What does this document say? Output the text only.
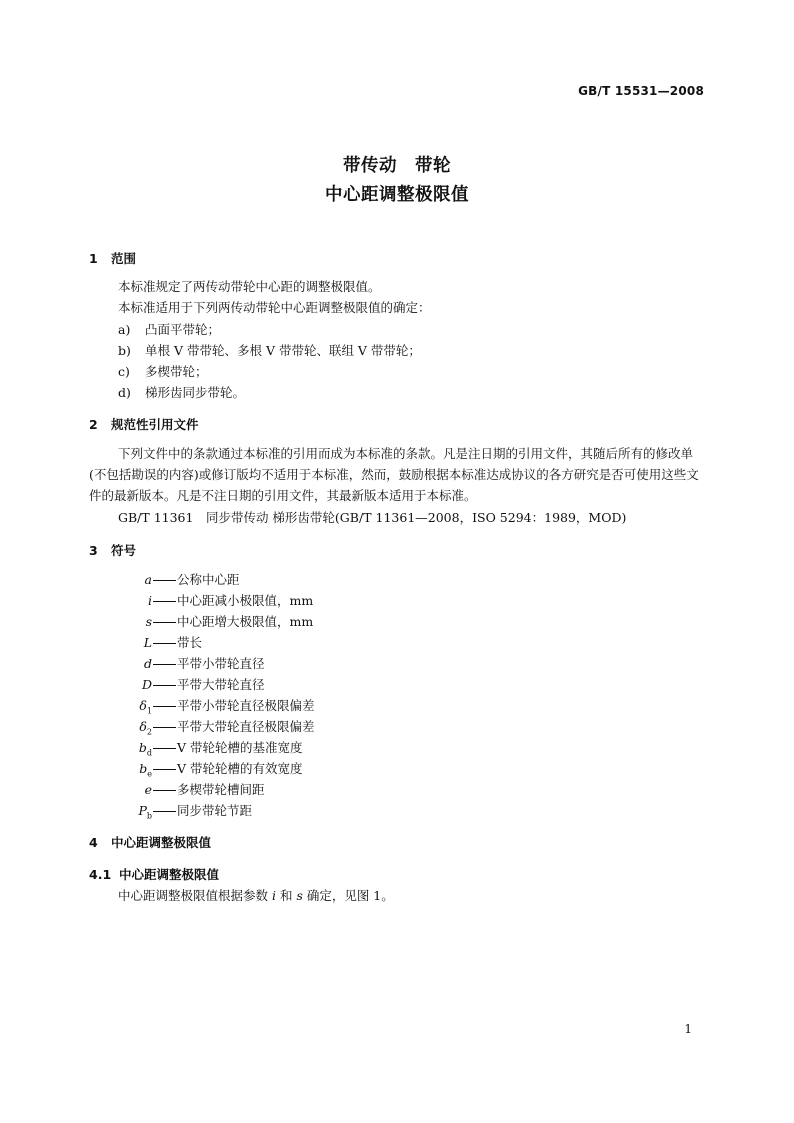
GB/T 15531—2008
带传动　带轮
中心距调整极限值
1 范围
本标准规定了两传动带轮中心距的调整极限值。
本标准适用于下列两传动带轮中心距调整极限值的确定：
a) 凸面平带轮；
b) 单根 V 带带轮、多根 V 带带轮、联组 V 带带轮；
c) 多楔带轮；
d) 梯形齿同步带轮。
2 规范性引用文件
下列文件中的条款通过本标准的引用而成为本标准的条款。凡是注日期的引用文件，其随后所有的修改单(不包括勘误的内容)或修订版均不适用于本标准，然而，鼓励根据本标准达成协议的各方研究是否可使用这些文件的最新版本。凡是不注日期的引用文件，其最新版本适用于本标准。
GB/T 11361　同步带传动 梯形齿带轮(GB/T 11361—2008，ISO 5294：1989，MOD)
3 符号
a 公称中心距
i 中心距减小极限值，mm
s 中心距增大极限值，mm
L 带长
d 平带小带轮直径
D 平带大带轮直径
$\delta_1$ 平带小带轮直径极限偏差
$\delta_2$ 平带大带轮直径极限偏差
$b_d$ V 带轮轮槽的基准宽度
$b_e$ V 带轮轮槽的有效宽度
e 多楔带轮槽间距
$P_b$ 同步带轮节距
4 中心距调整极限值
4.1 中心距调整极限值
中心距调整极限值根据参数 i 和 s 确定，见图 1。
1
